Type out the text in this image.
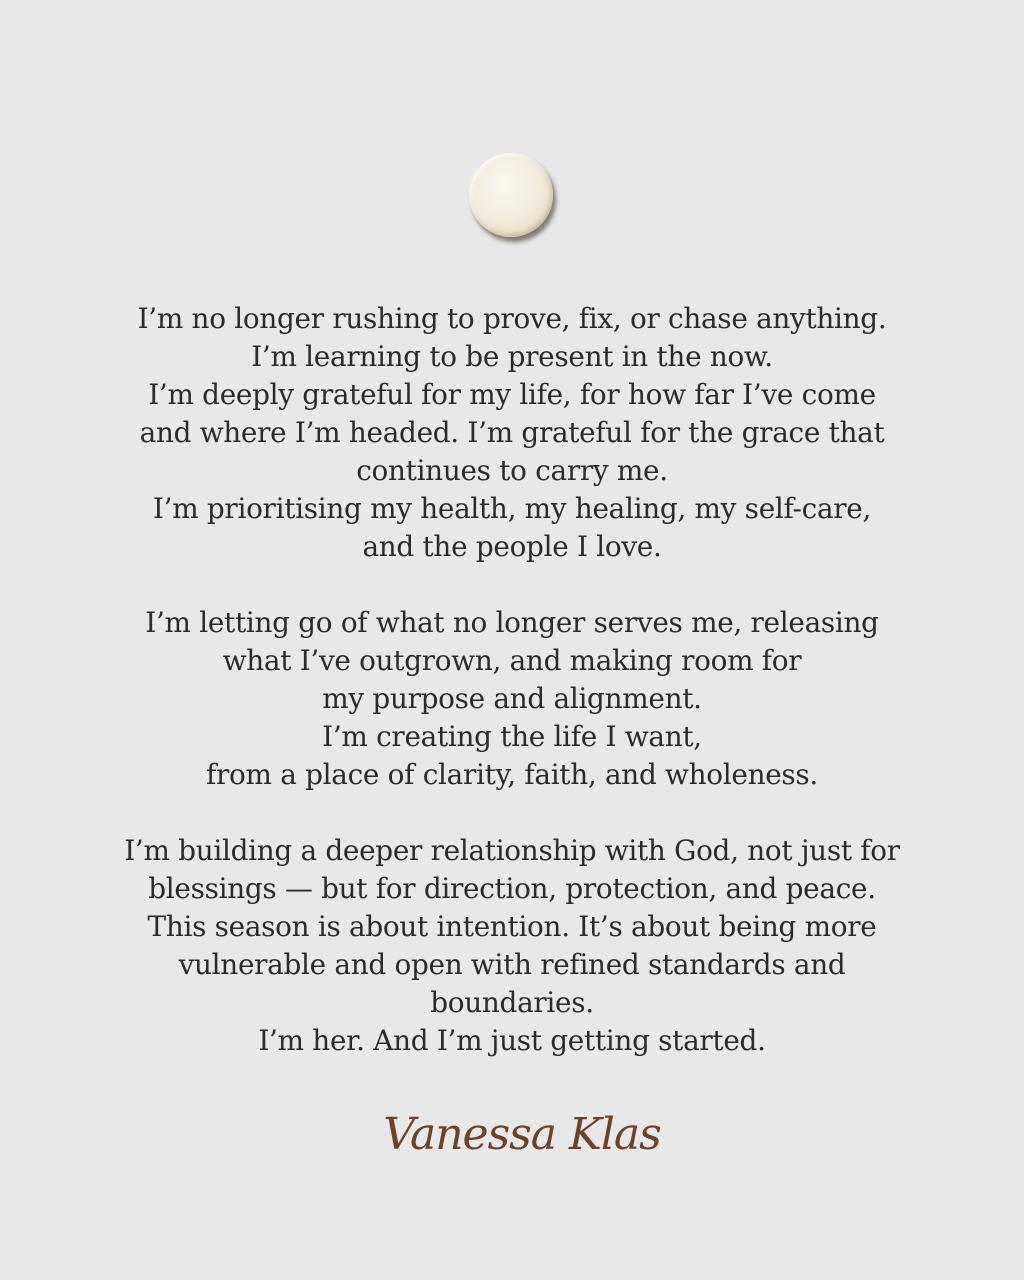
I’m no longer rushing to prove, fix, or chase anything.
I’m learning to be present in the now.
I’m deeply grateful for my life, for how far I’ve come
and where I’m headed. I’m grateful for the grace that
continues to carry me.
I’m prioritising my health, my healing, my self-care,
and the people I love.
I’m letting go of what no longer serves me, releasing
what I’ve outgrown, and making room for
my purpose and alignment.
I’m creating the life I want,
from a place of clarity, faith, and wholeness.
I’m building a deeper relationship with God, not just for
blessings — but for direction, protection, and peace.
This season is about intention. It’s about being more
vulnerable and open with refined standards and
boundaries.
I’m her. And I’m just getting started.
Vanessa Klas
